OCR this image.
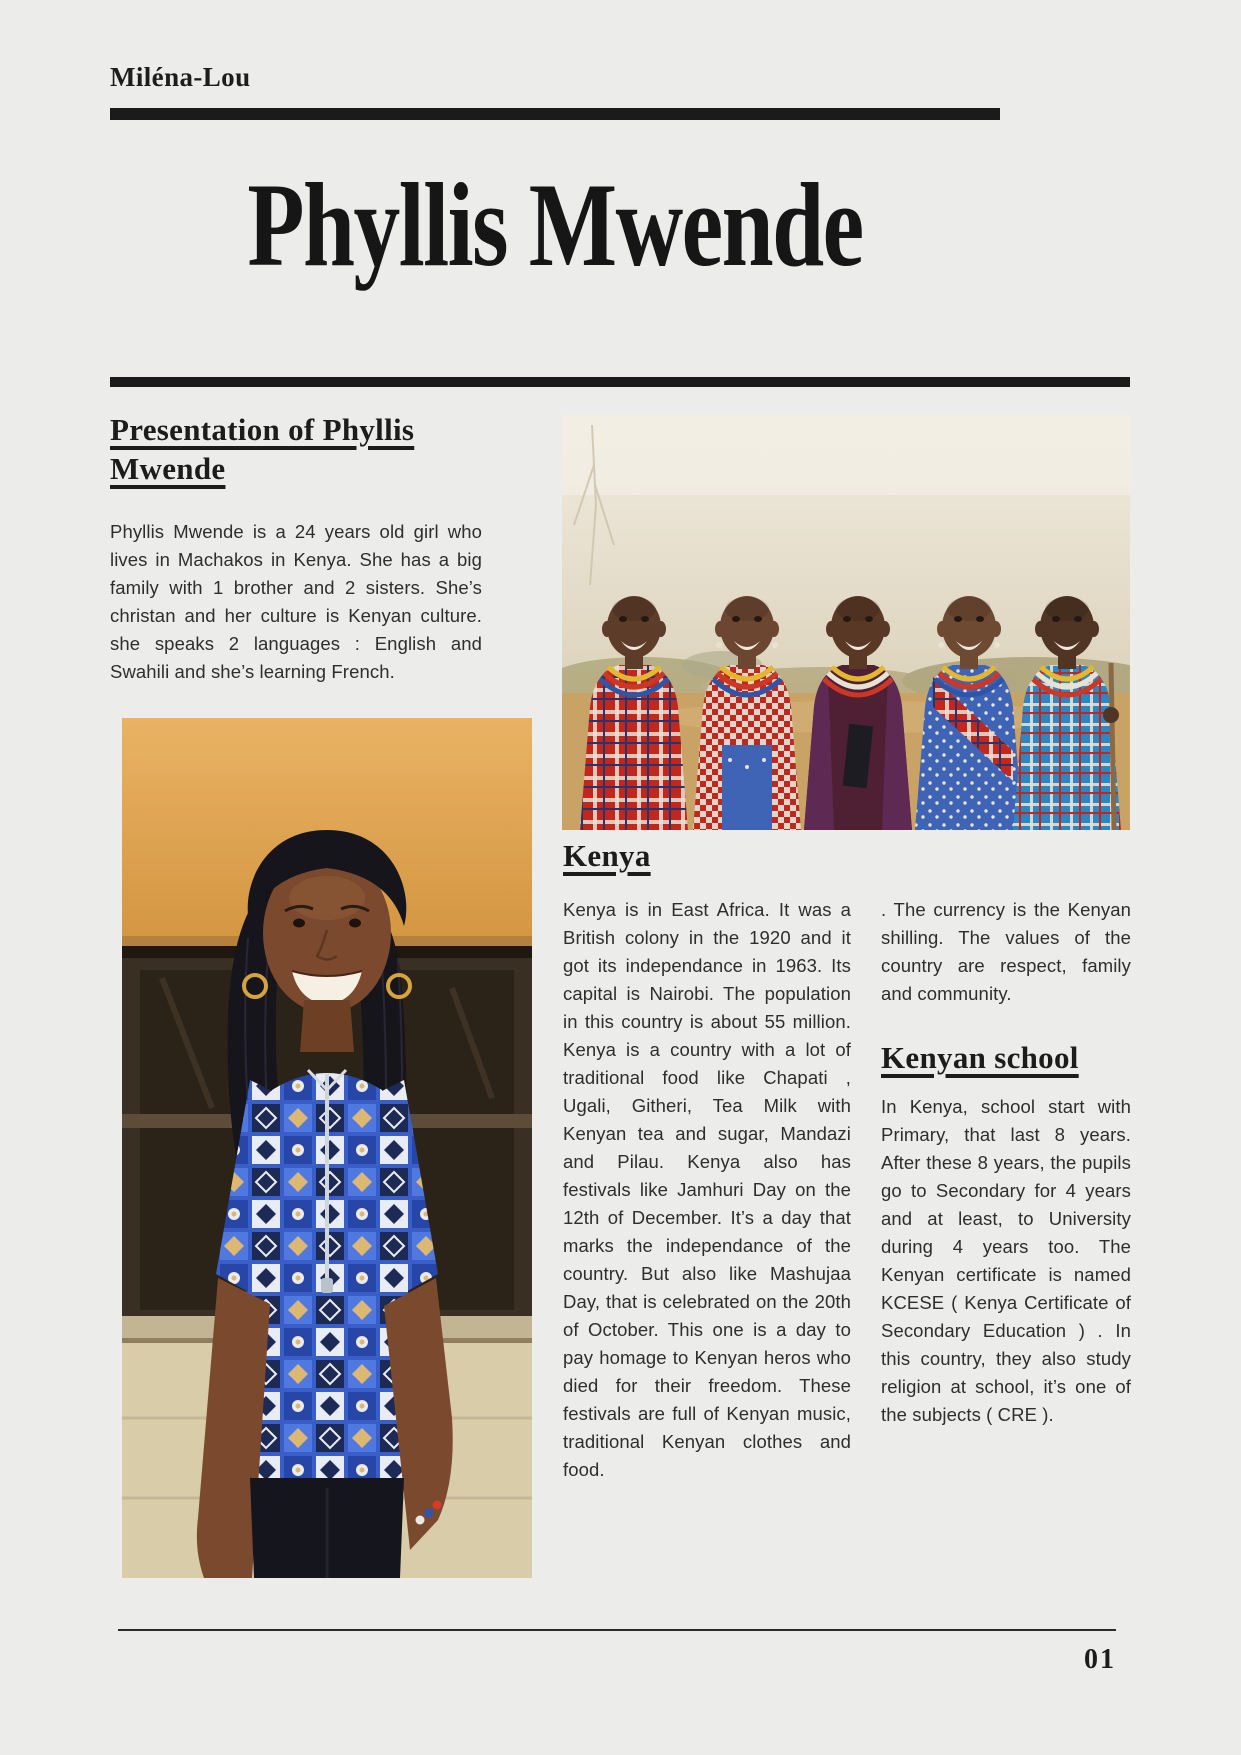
Miléna-Lou
Phyllis Mwende
Presentation of Phyllis Mwende

Phyllis Mwende is a 24 years old girl who lives in Machakos in Kenya. She has a big family with 1 brother and 2 sisters. She’s christan and her culture is Kenyan culture. she speaks 2 languages : English and Swahili and she’s learning French.

Kenya

Kenya is in East Africa. It was a British colony in the 1920 and it got its independance in 1963. Its capital is Nairobi. The population in this country is about 55 million. Kenya is a country with a lot of traditional food like Chapati , Ugali, Githeri, Tea Milk with Kenyan tea and sugar, Mandazi and Pilau. Kenya also has festivals like Jamhuri Day on the 12th of December. It’s a day that marks the independance of the country. But also like Mashujaa Day, that is celebrated on the 20th of October. This one is a day to pay homage to Kenyan heros who died for their freedom. These festivals are full of Kenyan music, traditional Kenyan clothes and food.

. The currency is the Kenyan shilling. The values of the country are respect, family and community.

Kenyan school

In Kenya, school start with Primary, that last 8 years. After these 8 years, the pupils go to Secondary for 4 years and at least, to University during 4 years too. The Kenyan certificate is named KCESE ( Kenya Certificate of Secondary Education ) . In this country, they also study religion at school, it’s one of the subjects ( CRE ).

01
